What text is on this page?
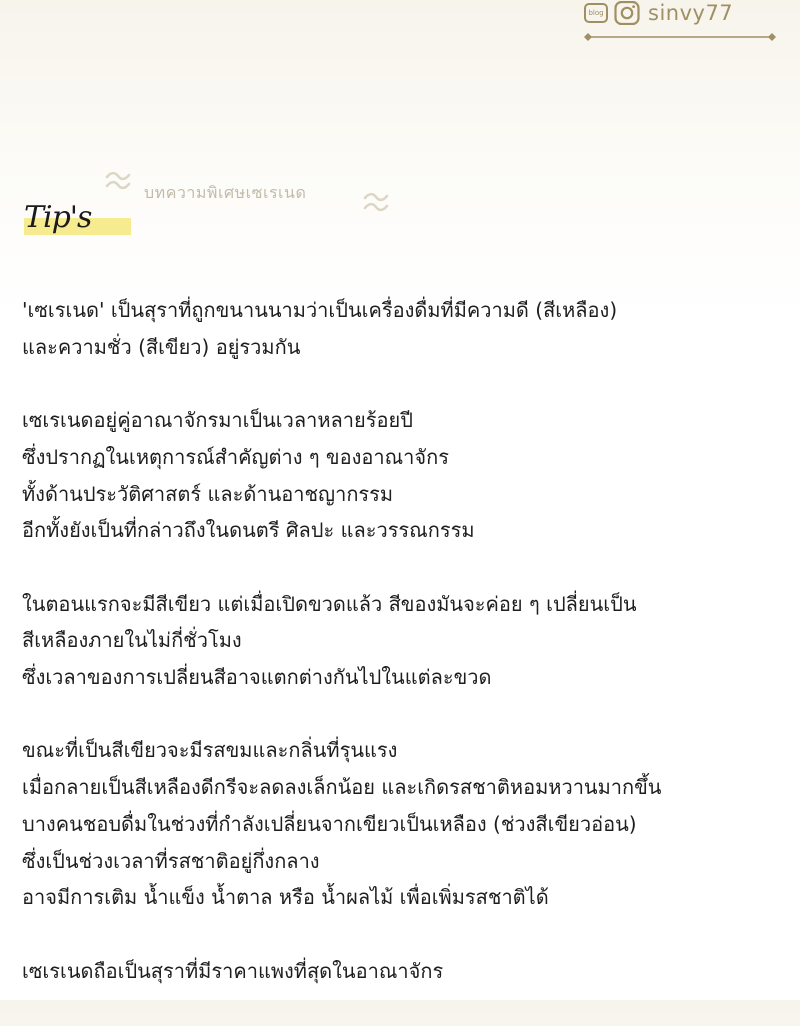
blog sinvy77
บทความพิเศษเซเรเนด
Tip's

'เซเรเนด' เป็นสุราที่ถูกขนานนามว่าเป็นเครื่องดื่มที่มีความดี (สีเหลือง)
และความชั่ว (สีเขียว) อยู่รวมกัน

เซเรเนดอยู่คู่อาณาจักรมาเป็นเวลาหลายร้อยปี
ซึ่งปรากฏในเหตุการณ์สำคัญต่าง ๆ ของอาณาจักร
ทั้งด้านประวัติศาสตร์ และด้านอาชญากรรม
อีกทั้งยังเป็นที่กล่าวถึงในดนตรี ศิลปะ และวรรณกรรม

ในตอนแรกจะมีสีเขียว แต่เมื่อเปิดขวดแล้ว สีของมันจะค่อย ๆ เปลี่ยนเป็น
สีเหลืองภายในไม่กี่ชั่วโมง
ซึ่งเวลาของการเปลี่ยนสีอาจแตกต่างกันไปในแต่ละขวด

ขณะที่เป็นสีเขียวจะมีรสขมและกลิ่นที่รุนแรง
เมื่อกลายเป็นสีเหลืองดีกรีจะลดลงเล็กน้อย และเกิดรสชาติหอมหวานมากขึ้น
บางคนชอบดื่มในช่วงที่กำลังเปลี่ยนจากเขียวเป็นเหลือง (ช่วงสีเขียวอ่อน)
ซึ่งเป็นช่วงเวลาที่รสชาติอยู่กึ่งกลาง
อาจมีการเติม น้ำแข็ง น้ำตาล หรือ น้ำผลไม้ เพื่อเพิ่มรสชาติได้

เซเรเนดถือเป็นสุราที่มีราคาแพงที่สุดในอาณาจักร
